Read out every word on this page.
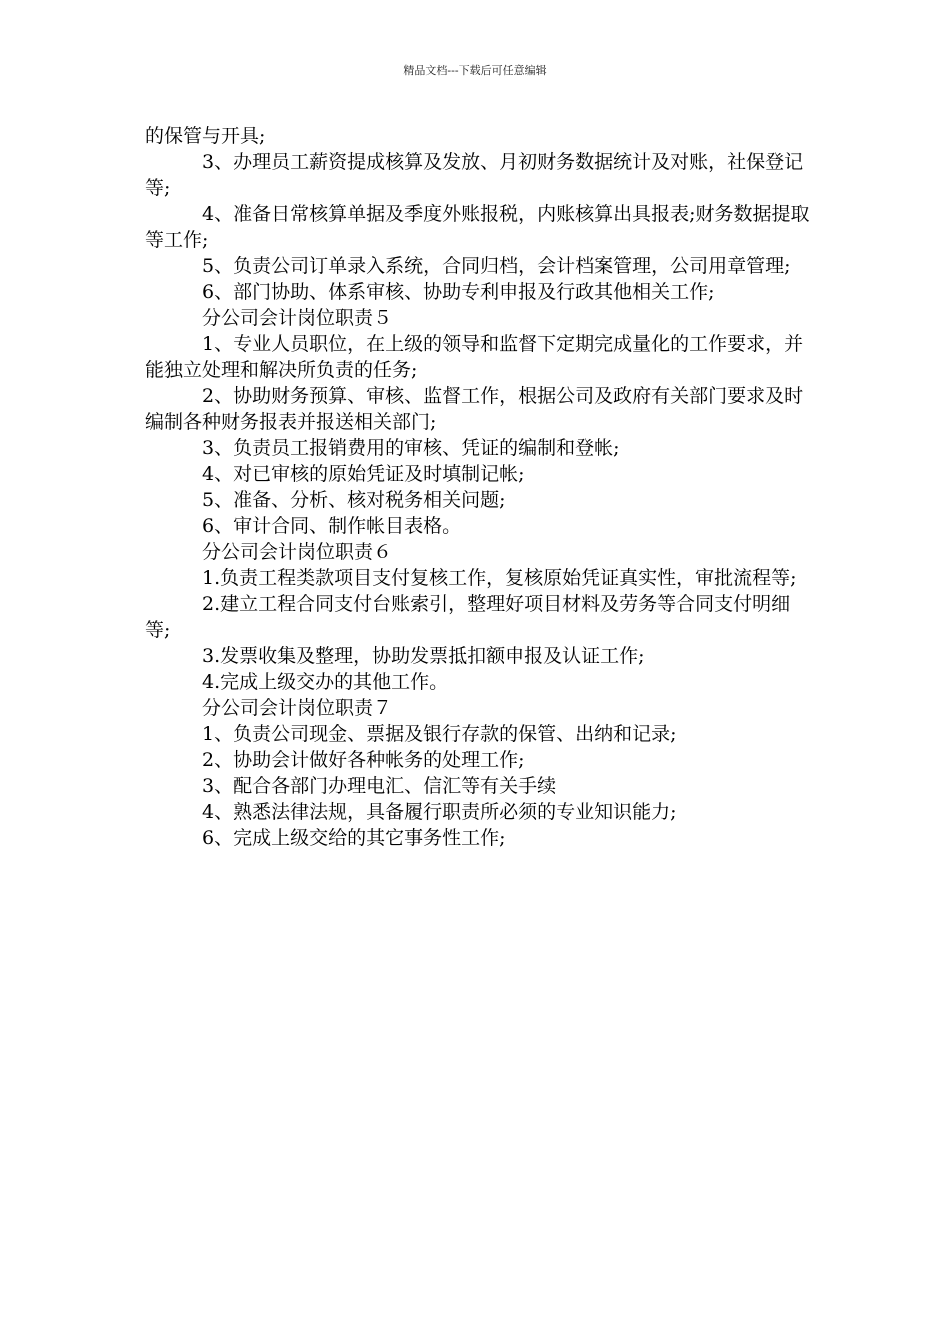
精品文档---下载后可任意编辑

的保管与开具;

3、办理员工薪资提成核算及发放、月初财务数据统计及对账，社保登记等;

4、准备日常核算单据及季度外账报税，内账核算出具报表;财务数据提取等工作;

5、负责公司订单录入系统，合同归档，会计档案管理，公司用章管理;

6、部门协助、体系审核、协助专利申报及行政其他相关工作;

分公司会计岗位职责５

1、专业人员职位，在上级的领导和监督下定期完成量化的工作要求，并能独立处理和解决所负责的任务;

2、协助财务预算、审核、监督工作，根据公司及政府有关部门要求及时编制各种财务报表并报送相关部门;

3、负责员工报销费用的审核、凭证的编制和登帐;

4、对已审核的原始凭证及时填制记帐;

5、准备、分析、核对税务相关问题;

6、审计合同、制作帐目表格。

分公司会计岗位职责６

1.负责工程类款项目支付复核工作，复核原始凭证真实性，审批流程等;

2.建立工程合同支付台账索引，整理好项目材料及劳务等合同支付明细等;

3.发票收集及整理，协助发票抵扣额申报及认证工作;

4.完成上级交办的其他工作。

分公司会计岗位职责７

1、负责公司现金、票据及银行存款的保管、出纳和记录;

2、协助会计做好各种帐务的处理工作;

3、配合各部门办理电汇、信汇等有关手续

4、熟悉法律法规，具备履行职责所必须的专业知识能力;

6、完成上级交给的其它事务性工作;
